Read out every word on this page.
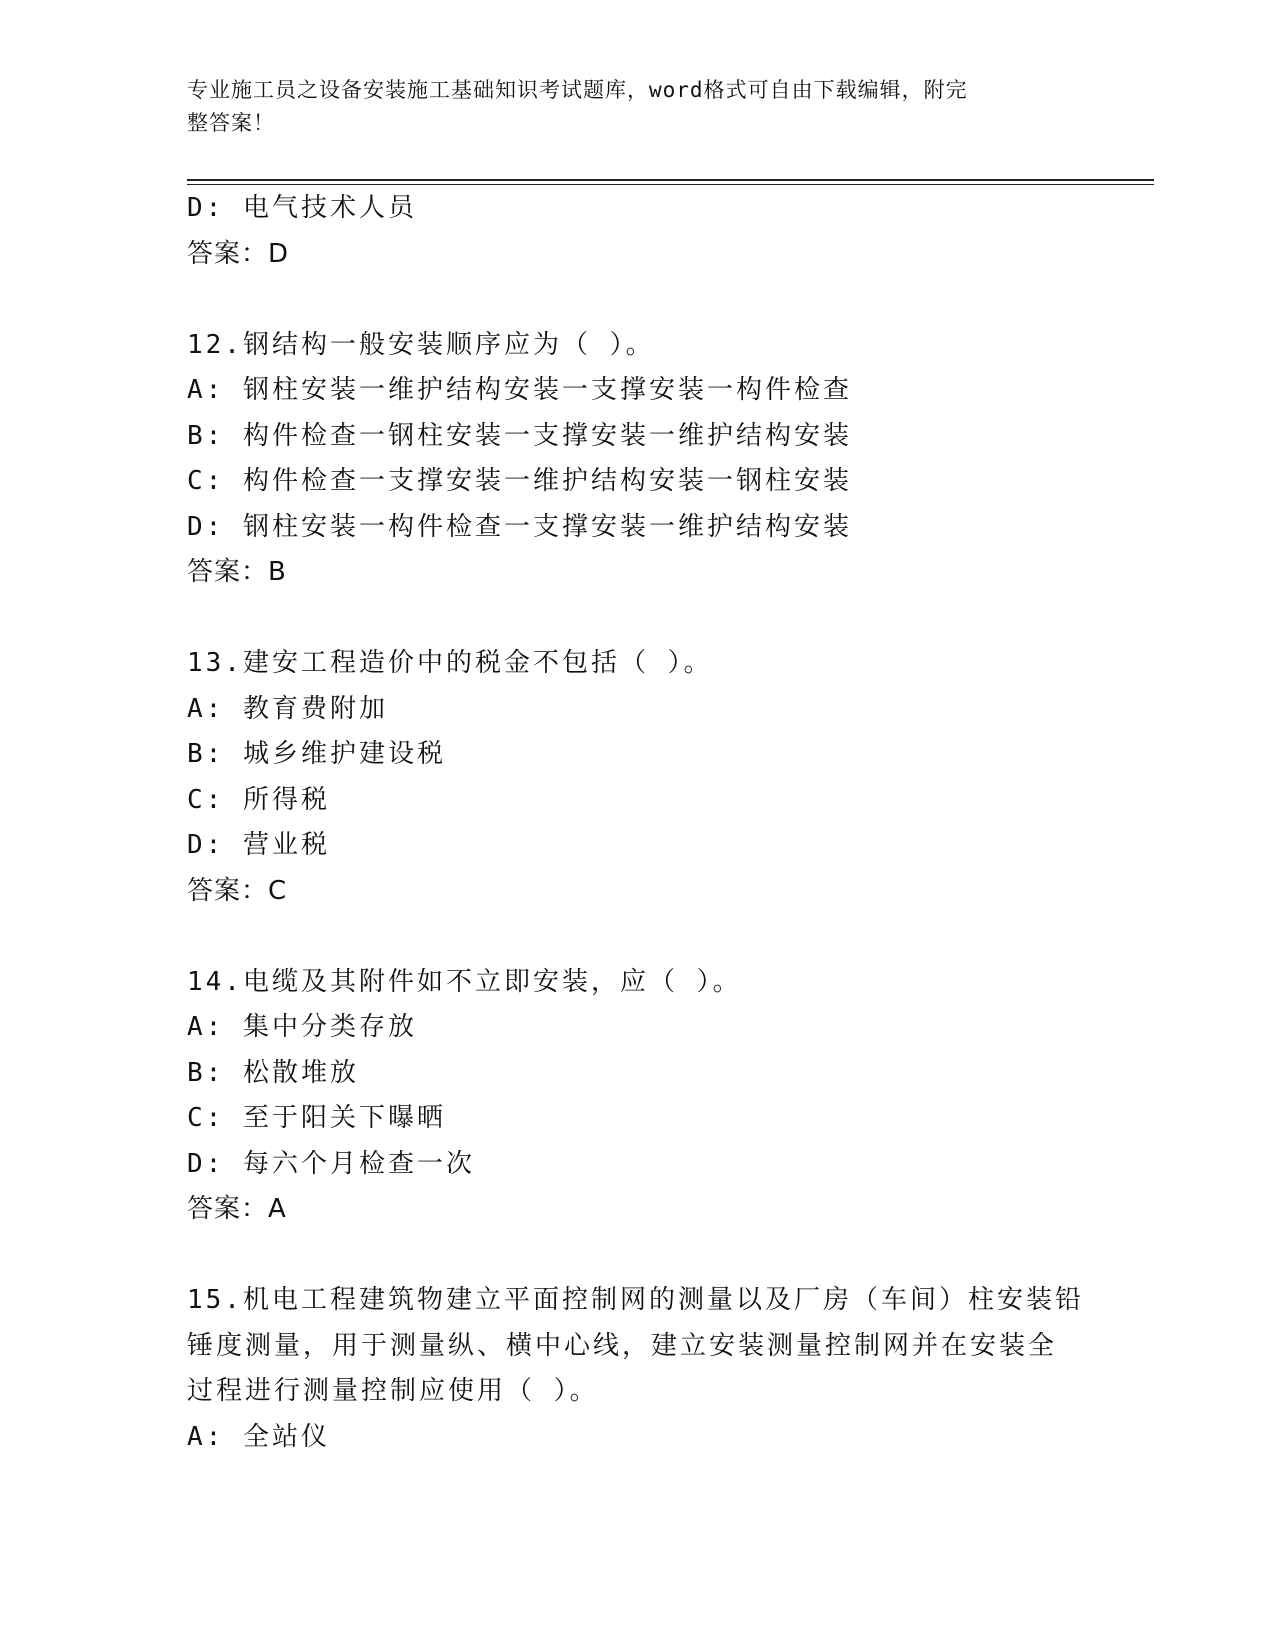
专业施工员之设备安装施工基础知识考试题库，word格式可自由下载编辑，附完
整答案！

D: 电气技术人员

答案：D

12.钢结构一般安装顺序应为（ ）。

A: 钢柱安装一维护结构安装一支撑安装一构件检查

B: 构件检查一钢柱安装一支撑安装一维护结构安装

C: 构件检查一支撑安装一维护结构安装一钢柱安装

D: 钢柱安装一构件检查一支撑安装一维护结构安装

答案：B

13.建安工程造价中的税金不包括（ ）。

A: 教育费附加

B: 城乡维护建设税

C: 所得税

D: 营业税

答案：C

14.电缆及其附件如不立即安装，应（ ）。

A: 集中分类存放

B: 松散堆放

C: 至于阳关下曝晒

D: 每六个月检查一次

答案：A

15.机电工程建筑物建立平面控制网的测量以及厂房（车间）柱安装铅

锤度测量，用于测量纵、横中心线，建立安装测量控制网并在安装全

过程进行测量控制应使用（ ）。

A: 全站仪
